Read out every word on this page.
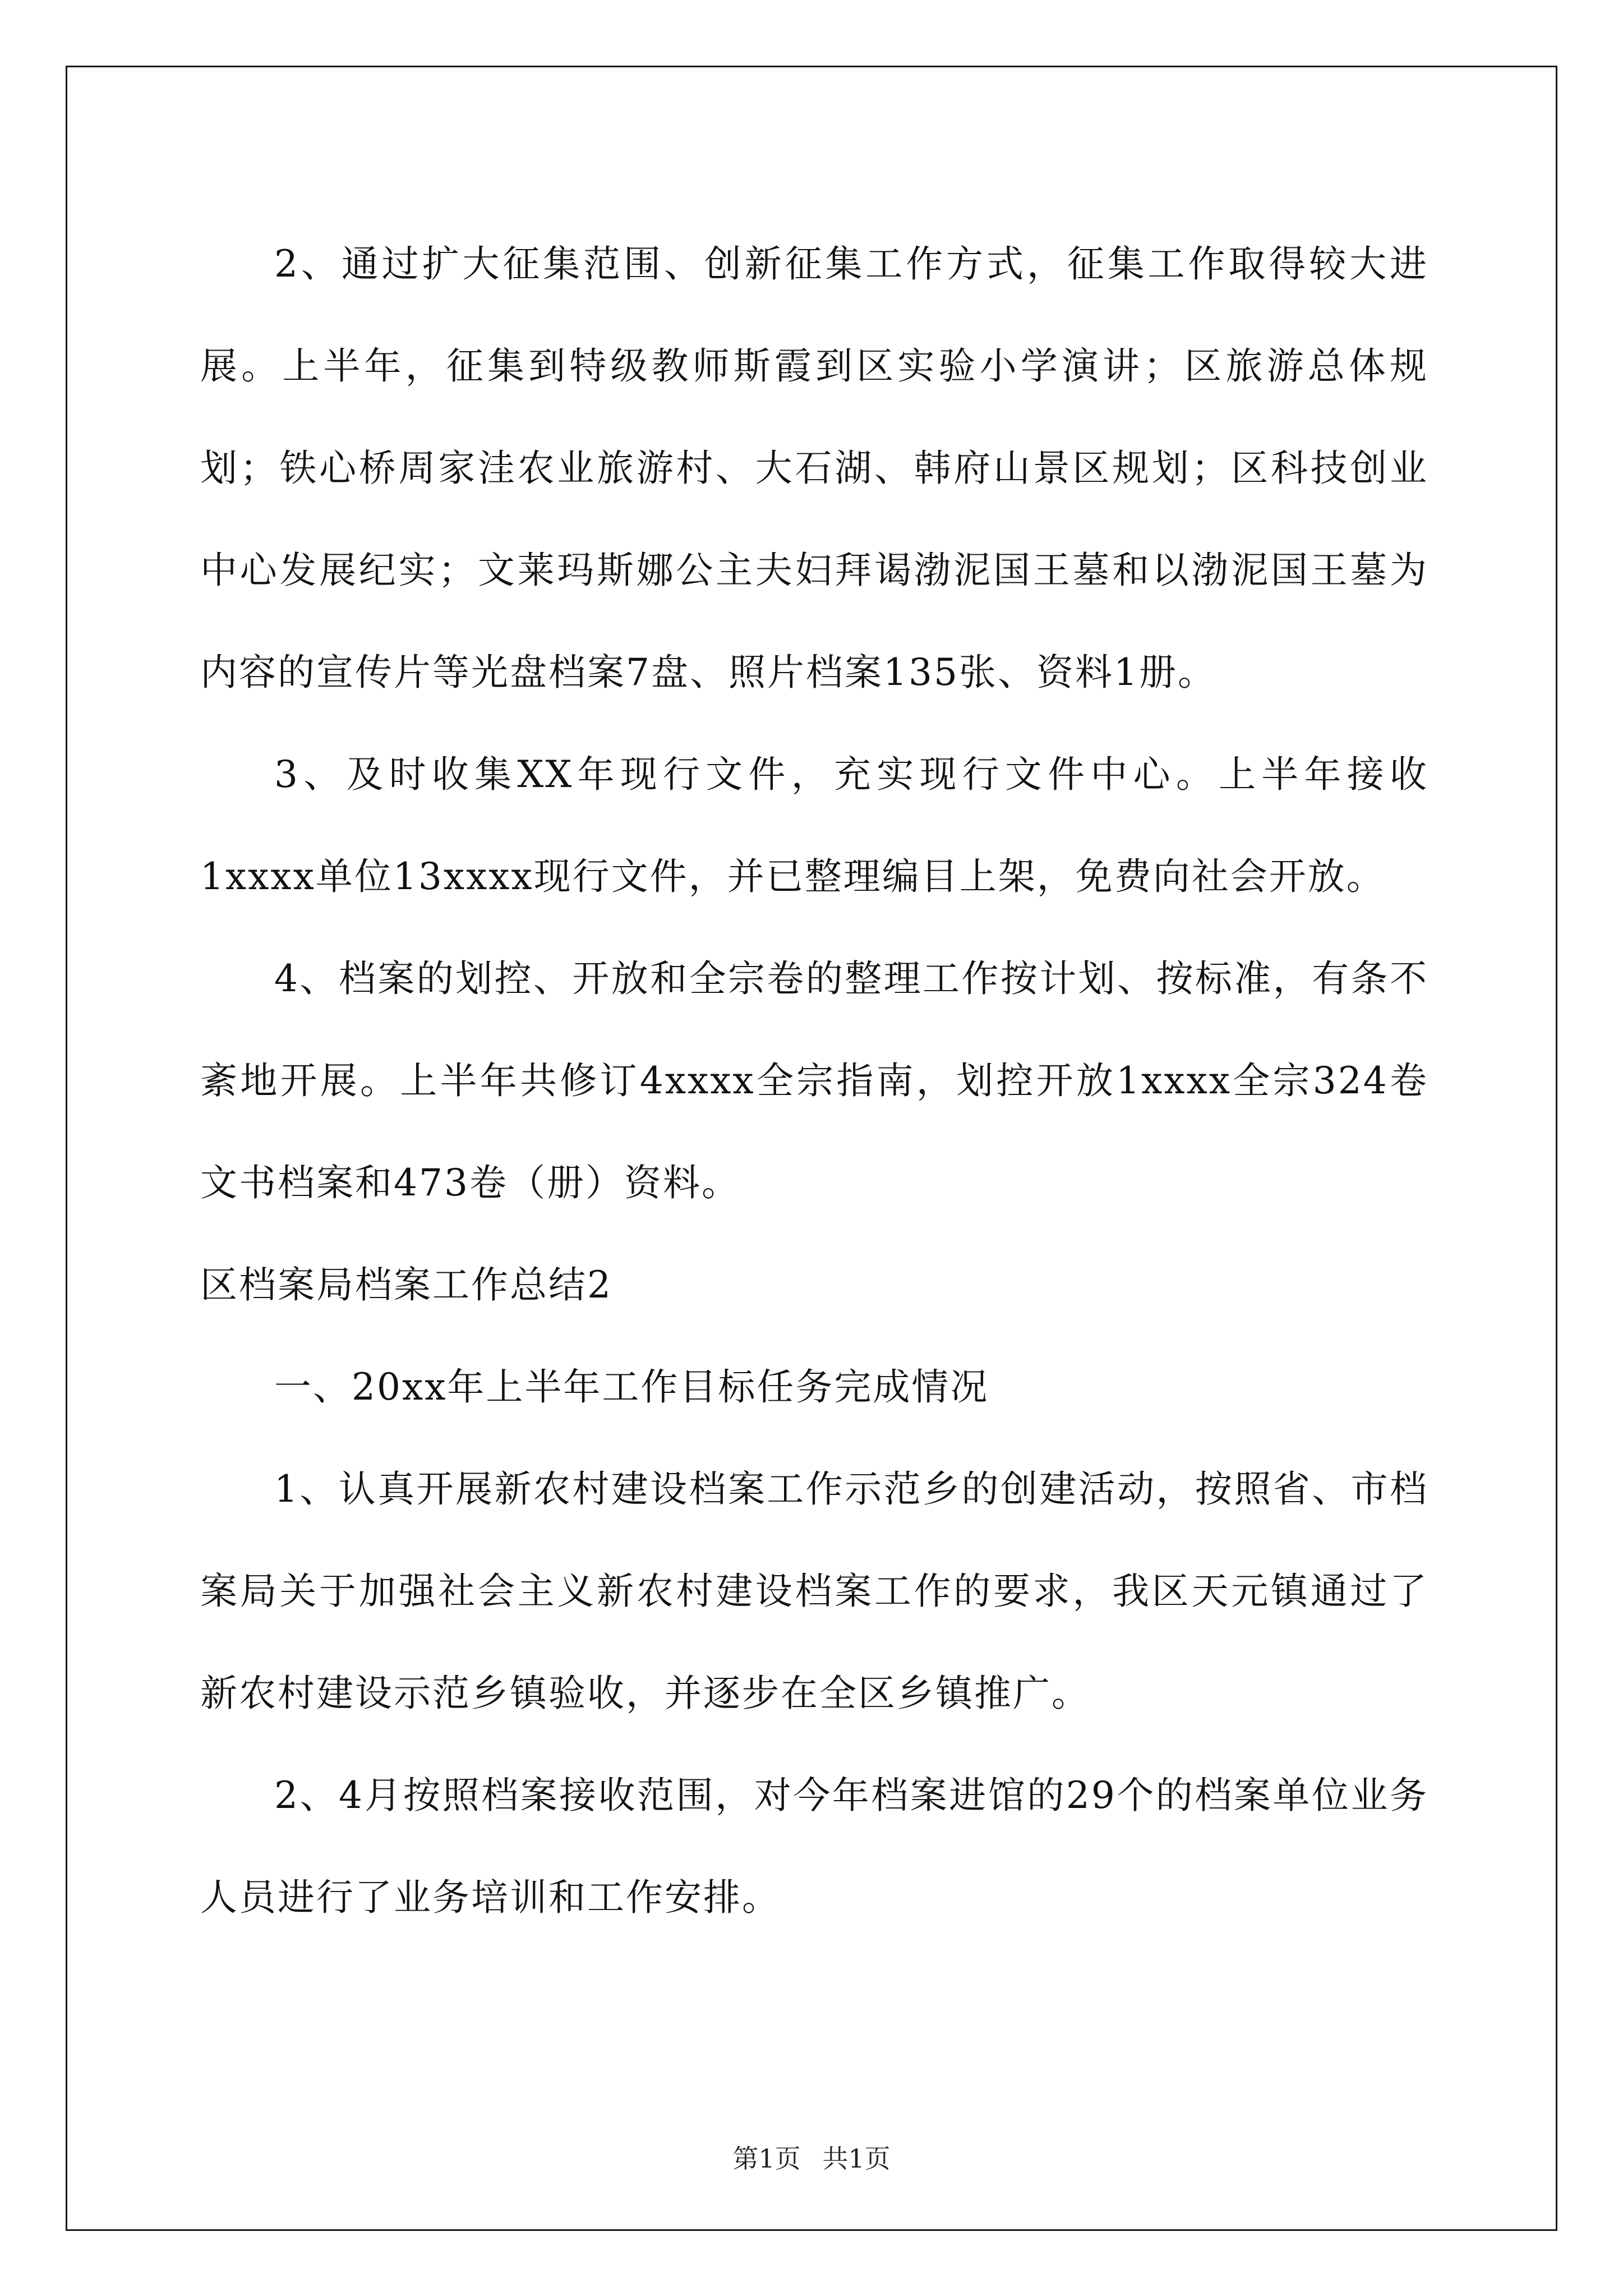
2、通过扩大征集范围、创新征集工作方式，征集工作取得较大进展。上半年，征集到特级教师斯霞到区实验小学演讲；区旅游总体规划；铁心桥周家洼农业旅游村、大石湖、韩府山景区规划；区科技创业中心发展纪实；文莱玛斯娜公主夫妇拜谒渤泥国王墓和以渤泥国王墓为内容的宣传片等光盘档案7盘、照片档案135张、资料1册。

3、及时收集XX年现行文件，充实现行文件中心。上半年接收1xxxx单位13xxxx现行文件，并已整理编目上架，免费向社会开放。

4、档案的划控、开放和全宗卷的整理工作按计划、按标准，有条不紊地开展。上半年共修订4xxxx全宗指南，划控开放1xxxx全宗324卷文书档案和473卷（册）资料。

区档案局档案工作总结2

一、20xx年上半年工作目标任务完成情况

1、认真开展新农村建设档案工作示范乡的创建活动，按照省、市档案局关于加强社会主义新农村建设档案工作的要求，我区天元镇通过了新农村建设示范乡镇验收，并逐步在全区乡镇推广。

2、4月按照档案接收范围，对今年档案进馆的29个的档案单位业务人员进行了业务培训和工作安排。

第1页 共1页
